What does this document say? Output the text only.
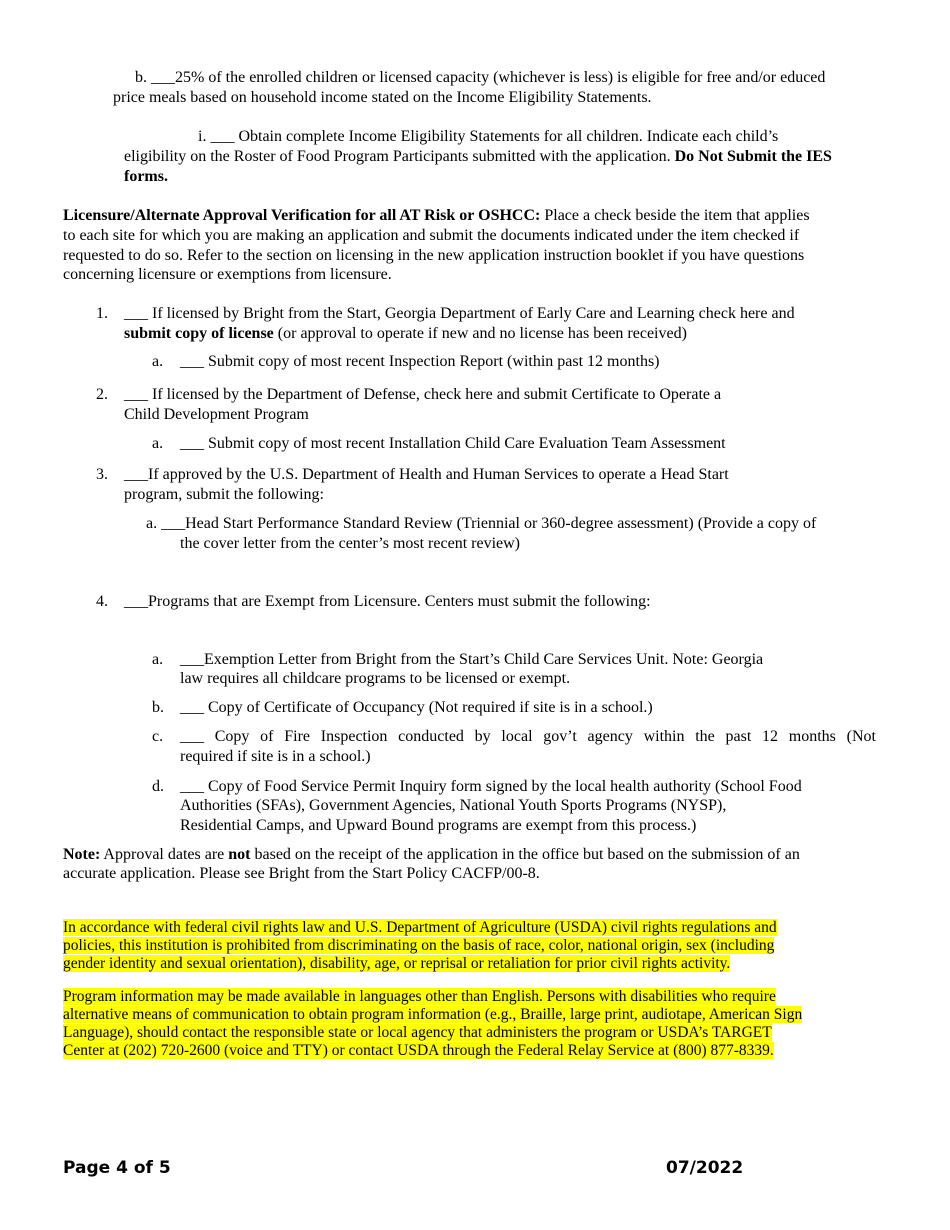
b. ___25% of the enrolled children or licensed capacity (whichever is less) is eligible for free and/or educed
price meals based on household income stated on the Income Eligibility Statements.
i. ___ Obtain complete Income Eligibility Statements for all children. Indicate each child’s
eligibility on the Roster of Food Program Participants submitted with the application. Do Not Submit the IES
forms.
Licensure/Alternate Approval Verification for all AT Risk or OSHCC: Place a check beside the item that applies
to each site for which you are making an application and submit the documents indicated under the item checked if
requested to do so. Refer to the section on licensing in the new application instruction booklet if you have questions
concerning licensure or exemptions from licensure.
1. ___ If licensed by Bright from the Start, Georgia Department of Early Care and Learning check here and
submit copy of license (or approval to operate if new and no license has been received)
a. ___ Submit copy of most recent Inspection Report (within past 12 months)
2. ___ If licensed by the Department of Defense, check here and submit Certificate to Operate a
Child Development Program
a. ___ Submit copy of most recent Installation Child Care Evaluation Team Assessment
3. ___If approved by the U.S. Department of Health and Human Services to operate a Head Start
program, submit the following:
a. ___Head Start Performance Standard Review (Triennial or 360-degree assessment) (Provide a copy of
the cover letter from the center’s most recent review)
4. ___Programs that are Exempt from Licensure. Centers must submit the following:
a. ___Exemption Letter from Bright from the Start’s Child Care Services Unit. Note: Georgia
law requires all childcare programs to be licensed or exempt.
b. ___ Copy of Certificate of Occupancy (Not required if site is in a school.)
c. ___ Copy of Fire Inspection conducted by local gov’t agency within the past 12 months (Not
required if site is in a school.)
d. ___ Copy of Food Service Permit Inquiry form signed by the local health authority (School Food
Authorities (SFAs), Government Agencies, National Youth Sports Programs (NYSP),
Residential Camps, and Upward Bound programs are exempt from this process.)
Note: Approval dates are not based on the receipt of the application in the office but based on the submission of an
accurate application. Please see Bright from the Start Policy CACFP/00-8.
In accordance with federal civil rights law and U.S. Department of Agriculture (USDA) civil rights regulations and
policies, this institution is prohibited from discriminating on the basis of race, color, national origin, sex (including
gender identity and sexual orientation), disability, age, or reprisal or retaliation for prior civil rights activity.
Program information may be made available in languages other than English. Persons with disabilities who require
alternative means of communication to obtain program information (e.g., Braille, large print, audiotape, American Sign
Language), should contact the responsible state or local agency that administers the program or USDA’s TARGET
Center at (202) 720-2600 (voice and TTY) or contact USDA through the Federal Relay Service at (800) 877-8339.
Page 4 of 5	07/2022
